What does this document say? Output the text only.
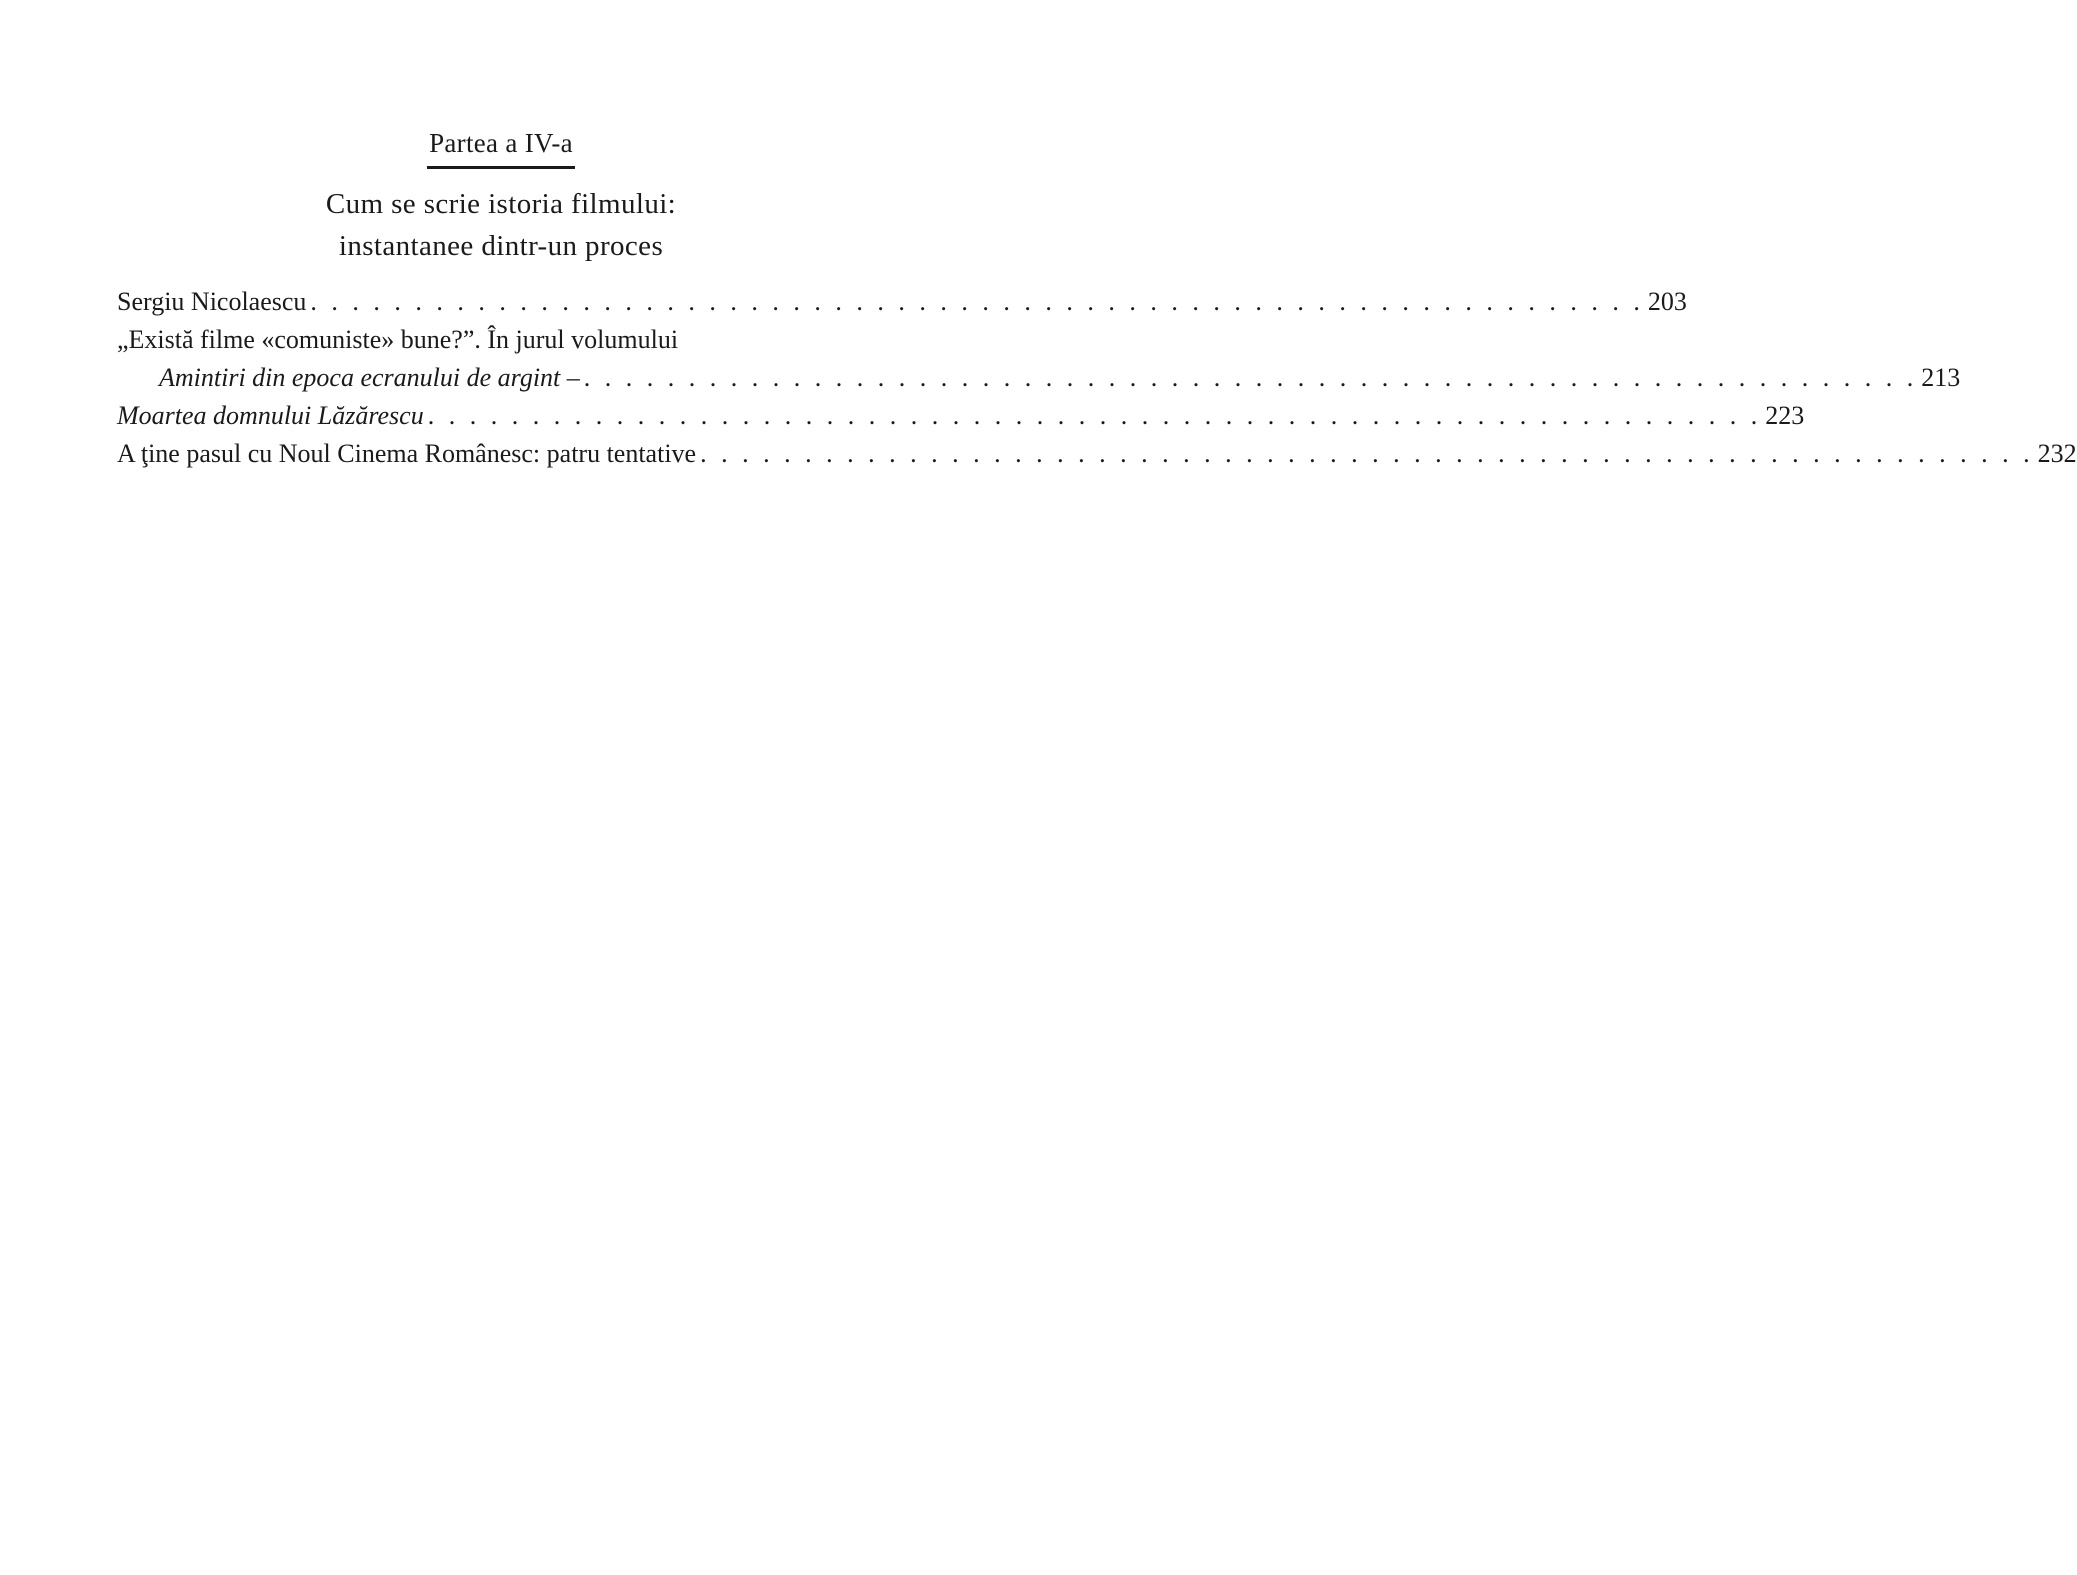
Partea a IV-a
Cum se scrie istoria filmului:
instantanee dintr-un proces
Sergiu Nicolaescu . . . . . . . . . . . . . . . . . . . . . . . . . . . . . . . . . . . . . . . . . . . . . . . . . . . . . . . . . . . . . . . . 203
„Există filme «comuniste» bune?”. În jurul volumului
Amintiri din epoca ecranului de argint – . . . . . . . . . . . . . . . . . . . . . . . . . . . . . . . . . . . . . . . . . . . . . . . . . . . . . . . . . . . . . . . . 213
Moartea domnului Lăzărescu . . . . . . . . . . . . . . . . . . . . . . . . . . . . . . . . . . . . . . . . . . . . . . . . . . . . . . . . . . . . . . . . 223
A ţine pasul cu Noul Cinema Românesc: patru tentative . . . . . . . . . . . . . . . . . . . . . . . . . . . . . . . . . . . . . . . . . . . . . . . . . . . . . . . . . . . . . . . . 232
